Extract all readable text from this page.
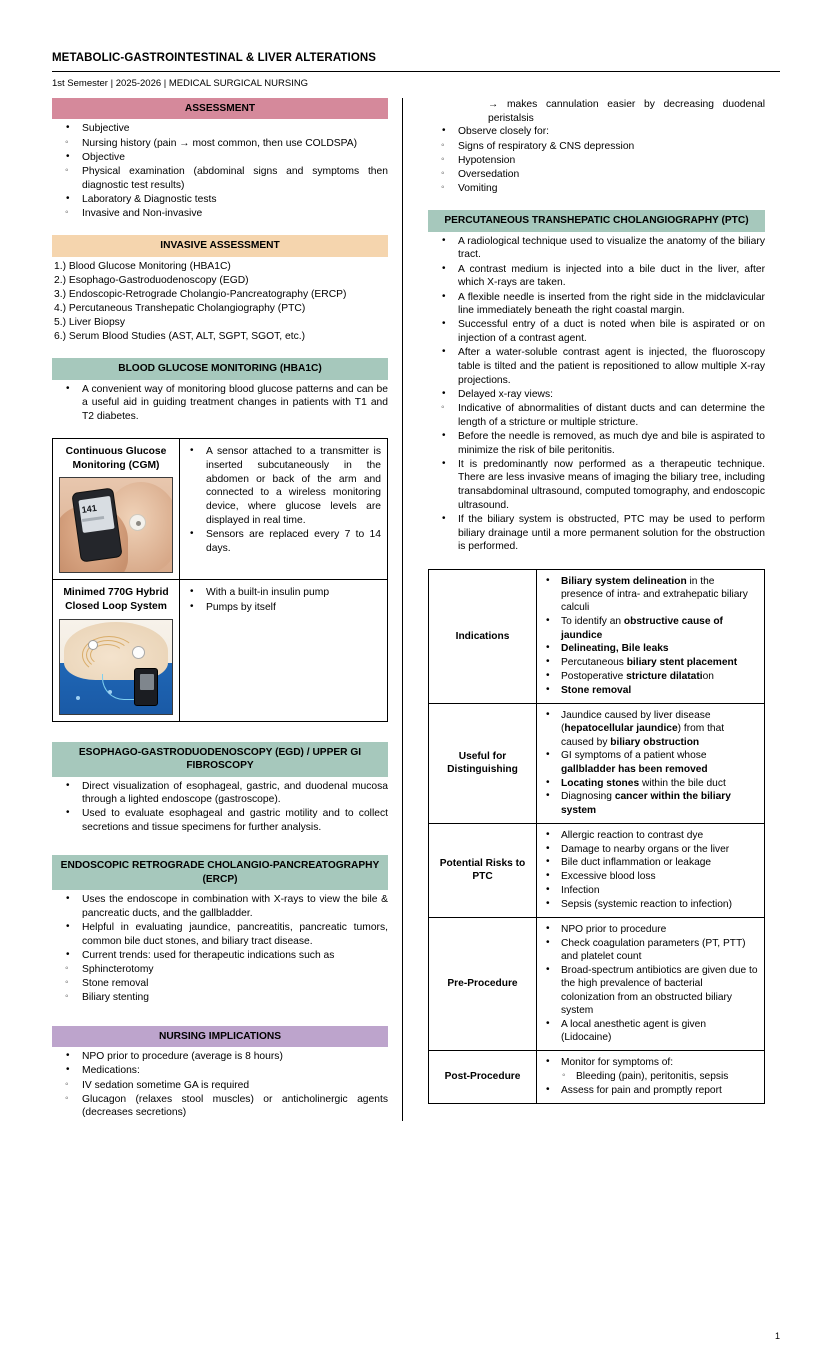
METABOLIC-GASTROINTESTINAL & LIVER ALTERATIONS
1st Semester | 2025-2026 | MEDICAL SURGICAL NURSING
ASSESSMENT
• Subjective
◦ Nursing history (pain → most common, then use COLDSPA)
• Objective
◦ Physical examination (abdominal signs and symptoms then diagnostic test results)
• Laboratory & Diagnostic tests
◦ Invasive and Non-invasive
INVASIVE ASSESSMENT
1.) Blood Glucose Monitoring (HBA1C)
2.) Esophago-Gastroduodenoscopy (EGD)
3.) Endoscopic-Retrograde Cholangio-Pancreatography (ERCP)
4.) Percutaneous Transhepatic Cholangiography (PTC)
5.) Liver Biopsy
6.) Serum Blood Studies (AST, ALT, SGPT, SGOT, etc.)
BLOOD GLUCOSE MONITORING (HBA1C)
• A convenient way of monitoring blood glucose patterns and can be a useful aid in guiding treatment changes in patients with T1 and T2 diabetes.
Continuous Glucose Monitoring (CGM)
141

• A sensor attached to a transmitter is inserted subcutaneously in the abdomen or back of the arm and connected to a wireless monitoring device, where glucose levels are displayed in real time.
• Sensors are replaced every 7 to 14 days.

Minimed 770G Hybrid Closed Loop System

• With a built-in insulin pump
• Pumps by itself
ESOPHAGO-GASTRODUODENOSCOPY (EGD) / UPPER GI FIBROSCOPY
• Direct visualization of esophageal, gastric, and duodenal mucosa through a lighted endoscope (gastroscope).
• Used to evaluate esophageal and gastric motility and to collect secretions and tissue specimens for further analysis.
ENDOSCOPIC RETROGRADE CHOLANGIO-PANCREATOGRAPHY (ERCP)
• Uses the endoscope in combination with X-rays to view the bile & pancreatic ducts, and the gallbladder.
• Helpful in evaluating jaundice, pancreatitis, pancreatic tumors, common bile duct stones, and biliary tract disease.
• Current trends: used for therapeutic indications such as
◦ Sphincterotomy
◦ Stone removal
◦ Biliary stenting
NURSING IMPLICATIONS
• NPO prior to procedure (average is 8 hours)
• Medications:
◦ IV sedation sometime GA is required
◦ Glucagon (relaxes stool muscles) or anticholinergic agents (decreases secretions)
→ makes cannulation easier by decreasing duodenal peristalsis
• Observe closely for:
◦ Signs of respiratory & CNS depression
◦ Hypotension
◦ Oversedation
◦ Vomiting
PERCUTANEOUS TRANSHEPATIC CHOLANGIOGRAPHY (PTC)
• A radiological technique used to visualize the anatomy of the biliary tract.
• A contrast medium is injected into a bile duct in the liver, after which X-rays are taken.
• A flexible needle is inserted from the right side in the midclavicular line immediately beneath the right coastal margin.
• Successful entry of a duct is noted when bile is aspirated or on injection of a contrast agent.
• After a water-soluble contrast agent is injected, the fluoroscopy table is tilted and the patient is repositioned to allow multiple X-ray projections.
• Delayed x-ray views:
◦ Indicative of abnormalities of distant ducts and can determine the length of a stricture or multiple stricture.
• Before the needle is removed, as much dye and bile is aspirated to minimize the risk of bile peritonitis.
• It is predominantly now performed as a therapeutic technique. There are less invasive means of imaging the biliary tree, including transabdominal ultrasound, computed tomography, and endoscopic ultrasound.
• If the biliary system is obstructed, PTC may be used to perform biliary drainage until a more permanent solution for the obstruction is performed.
Indications	
• Biliary system delineation in the presence of intra- and extrahepatic biliary calculi
• To identify an obstructive cause of jaundice
• Delineating, Bile leaks
• Percutaneous biliary stent placement
• Postoperative stricture dilatation
• Stone removal

Useful for Distinguishing	
• Jaundice caused by liver disease (hepatocellular jaundice) from that caused by biliary obstruction
• GI symptoms of a patient whose gallbladder has been removed
• Locating stones within the bile duct
• Diagnosing cancer within the biliary system

Potential Risks to PTC	
• Allergic reaction to contrast dye
• Damage to nearby organs or the liver
• Bile duct inflammation or leakage
• Excessive blood loss
• Infection
• Sepsis (systemic reaction to infection)

Pre-Procedure	
• NPO prior to procedure
• Check coagulation parameters (PT, PTT) and platelet count
• Broad-spectrum antibiotics are given due to the high prevalence of bacterial colonization from an obstructed biliary system
• A local anesthetic agent is given (Lidocaine)

Post-Procedure	
• Monitor for symptoms of:
◦ Bleeding (pain), peritonitis, sepsis
• Assess for pain and promptly report
1
